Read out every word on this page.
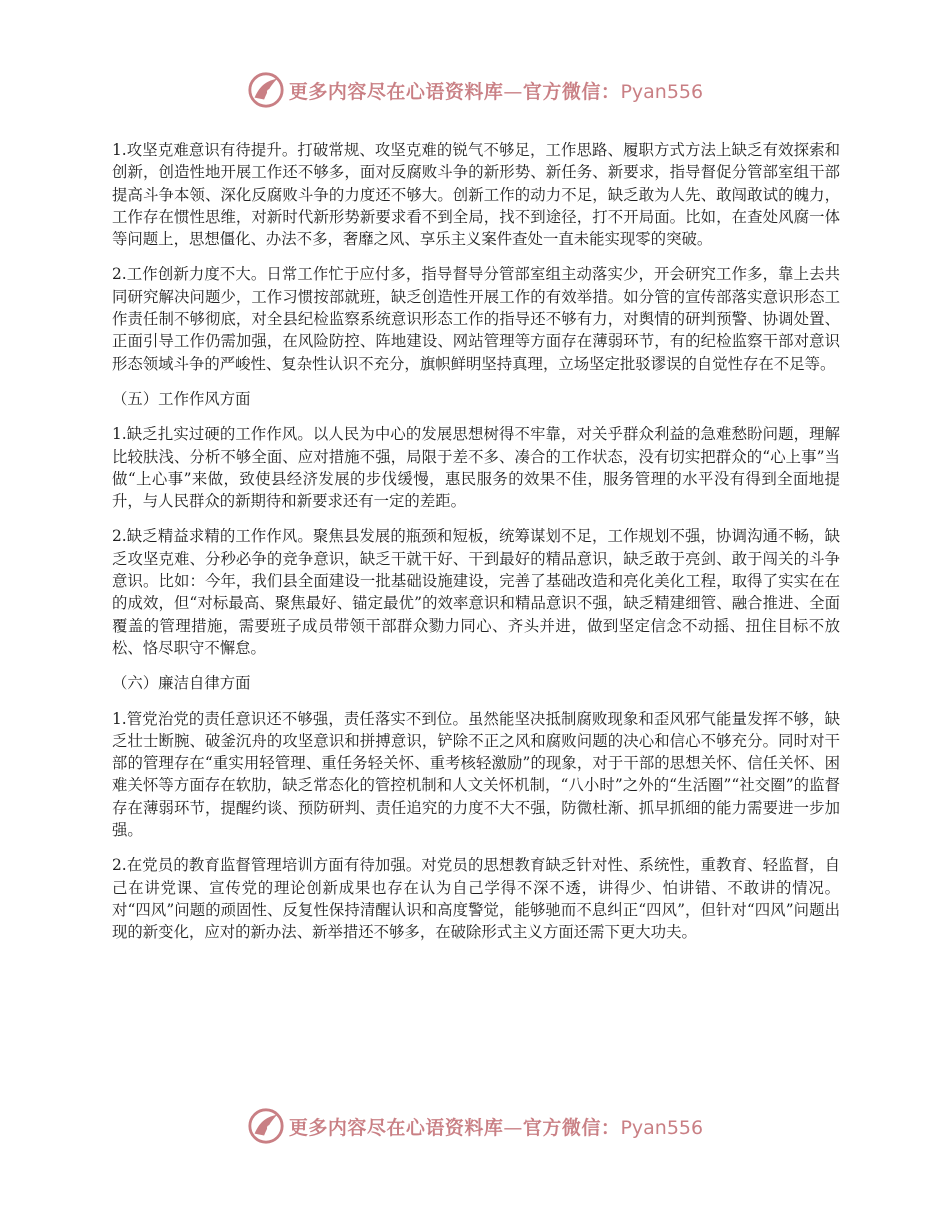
更多内容尽在心语资料库—官方微信：Pyan556

1.攻坚克难意识有待提升。打破常规、攻坚克难的锐气不够足，工作思路、履职方式方法上缺乏有效探索和创新，创造性地开展工作还不够多，面对反腐败斗争的新形势、新任务、新要求，指导督促分管部室组干部提高斗争本领、深化反腐败斗争的力度还不够大。创新工作的动力不足，缺乏敢为人先、敢闯敢试的魄力，工作存在惯性思维，对新时代新形势新要求看不到全局，找不到途径，打不开局面。比如，在查处风腐一体等问题上，思想僵化、办法不多，奢靡之风、享乐主义案件查处一直未能实现零的突破。

2.工作创新力度不大。日常工作忙于应付多，指导督导分管部室组主动落实少，开会研究工作多，靠上去共同研究解决问题少，工作习惯按部就班，缺乏创造性开展工作的有效举措。如分管的宣传部落实意识形态工作责任制不够彻底，对全县纪检监察系统意识形态工作的指导还不够有力，对舆情的研判预警、协调处置、正面引导工作仍需加强，在风险防控、阵地建设、网站管理等方面存在薄弱环节，有的纪检监察干部对意识形态领域斗争的严峻性、复杂性认识不充分，旗帜鲜明坚持真理，立场坚定批驳谬误的自觉性存在不足等。

（五）工作作风方面

1.缺乏扎实过硬的工作作风。以人民为中心的发展思想树得不牢靠，对关乎群众利益的急难愁盼问题，理解比较肤浅、分析不够全面、应对措施不强，局限于差不多、凑合的工作状态，没有切实把群众的“心上事”当做“上心事”来做，致使县经济发展的步伐缓慢，惠民服务的效果不佳，服务管理的水平没有得到全面地提升，与人民群众的新期待和新要求还有一定的差距。

2.缺乏精益求精的工作作风。聚焦县发展的瓶颈和短板，统筹谋划不足，工作规划不强，协调沟通不畅，缺乏攻坚克难、分秒必争的竞争意识，缺乏干就干好、干到最好的精品意识，缺乏敢于亮剑、敢于闯关的斗争意识。比如：今年，我们县全面建设一批基础设施建设，完善了基础改造和亮化美化工程，取得了实实在在的成效，但“对标最高、聚焦最好、锚定最优”的效率意识和精品意识不强，缺乏精建细管、融合推进、全面覆盖的管理措施，需要班子成员带领干部群众勠力同心、齐头并进，做到坚定信念不动摇、扭住目标不放松、恪尽职守不懈怠。

（六）廉洁自律方面

1.管党治党的责任意识还不够强，责任落实不到位。虽然能坚决抵制腐败现象和歪风邪气能量发挥不够，缺乏壮士断腕、破釜沉舟的攻坚意识和拼搏意识，铲除不正之风和腐败问题的决心和信心不够充分。同时对干部的管理存在“重实用轻管理、重任务轻关怀、重考核轻激励”的现象，对于干部的思想关怀、信任关怀、困难关怀等方面存在软肋，缺乏常态化的管控机制和人文关怀机制，“八小时”之外的“生活圈”“社交圈”的监督存在薄弱环节，提醒约谈、预防研判、责任追究的力度不大不强，防微杜渐、抓早抓细的能力需要进一步加强。

2.在党员的教育监督管理培训方面有待加强。对党员的思想教育缺乏针对性、系统性，重教育、轻监督，自己在讲党课、宣传党的理论创新成果也存在认为自己学得不深不透，讲得少、怕讲错、不敢讲的情况。对“四风”问题的顽固性、反复性保持清醒认识和高度警觉，能够驰而不息纠正“四风”，但针对“四风”问题出现的新变化，应对的新办法、新举措还不够多，在破除形式主义方面还需下更大功夫。

更多内容尽在心语资料库—官方微信：Pyan556
